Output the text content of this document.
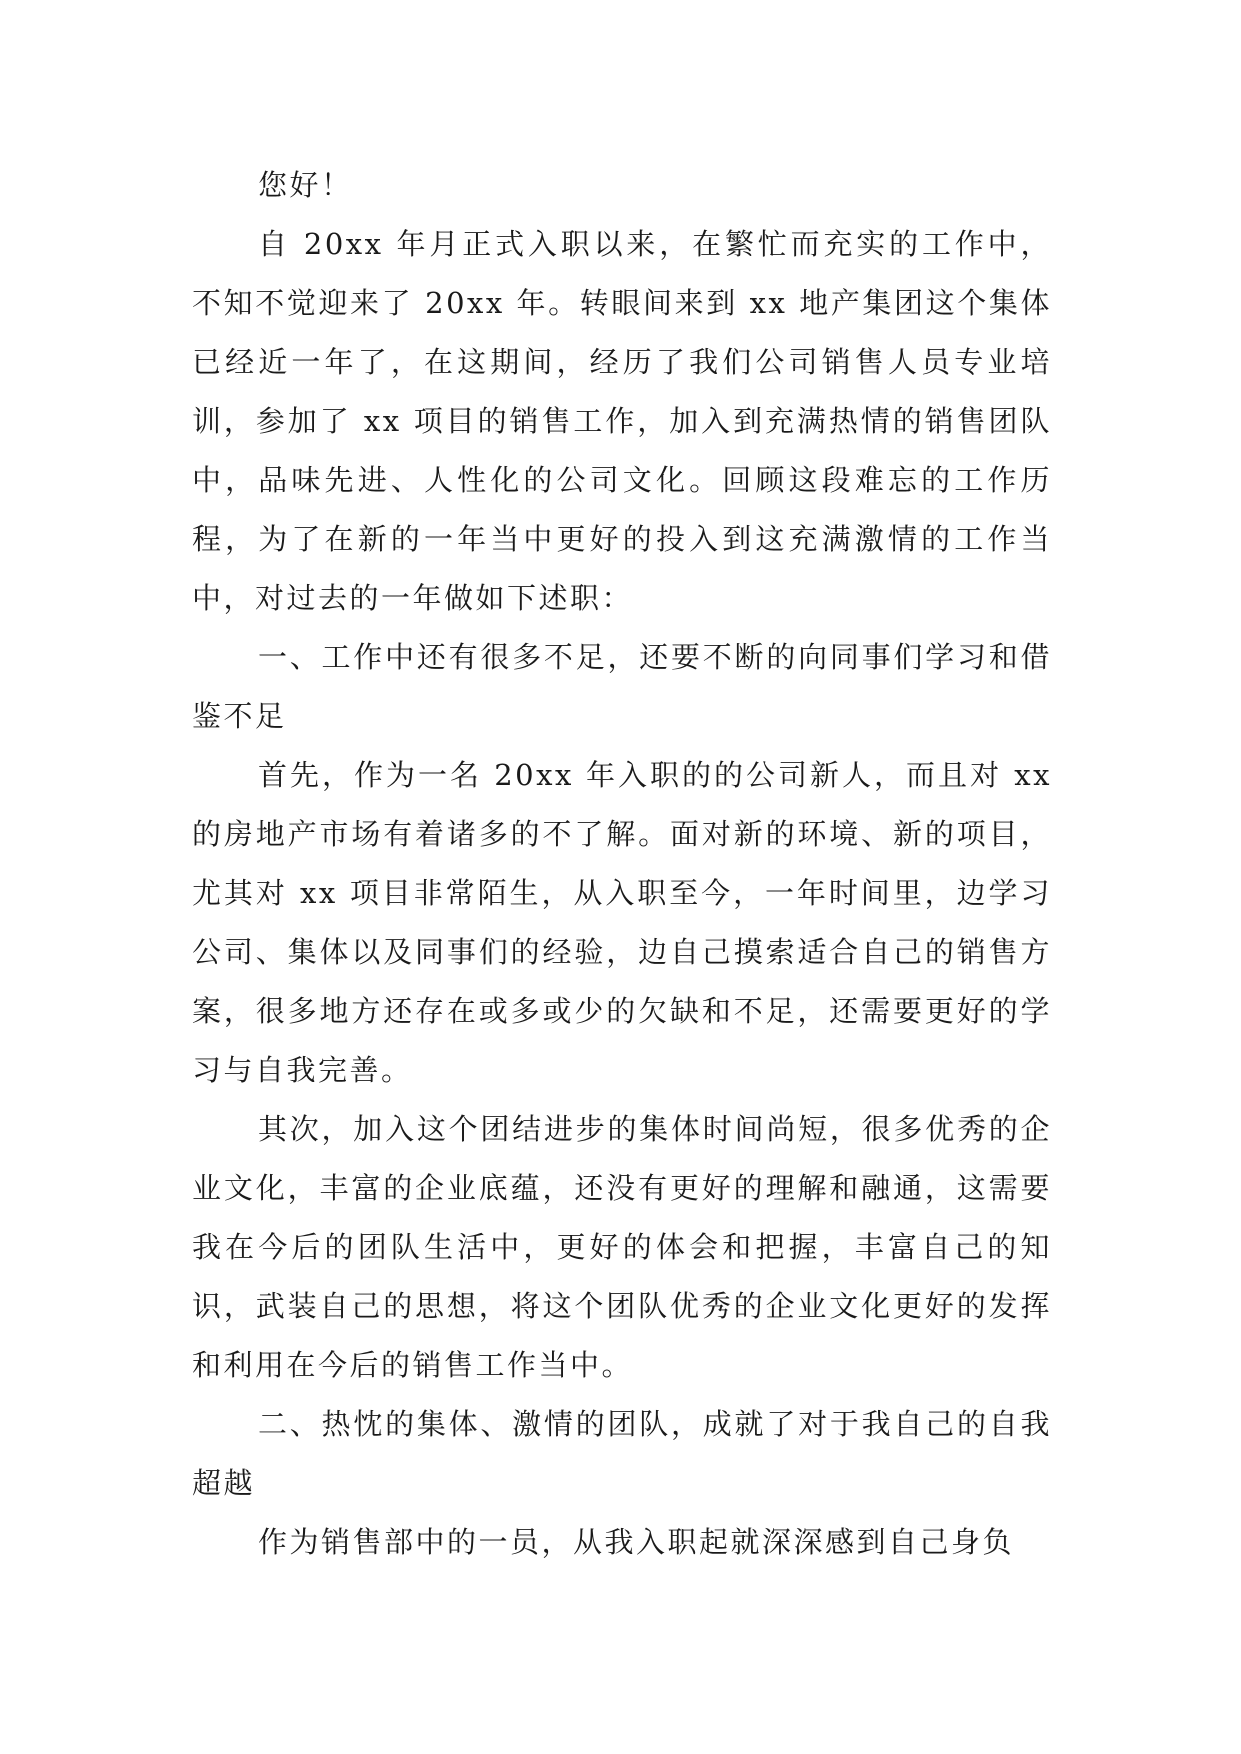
您好！

自 20xx 年月正式入职以来，在繁忙而充实的工作中，不知不觉迎来了 20xx 年。转眼间来到 xx 地产集团这个集体已经近一年了，在这期间，经历了我们公司销售人员专业培训，参加了 xx 项目的销售工作，加入到充满热情的销售团队中，品味先进、人性化的公司文化。回顾这段难忘的工作历程，为了在新的一年当中更好的投入到这充满激情的工作当中，对过去的一年做如下述职：

一、工作中还有很多不足，还要不断的向同事们学习和借鉴不足

首先，作为一名 20xx 年入职的的公司新人，而且对 xx 的房地产市场有着诸多的不了解。面对新的环境、新的项目，尤其对 xx 项目非常陌生，从入职至今，一年时间里，边学习公司、集体以及同事们的经验，边自己摸索适合自己的销售方案，很多地方还存在或多或少的欠缺和不足，还需要更好的学习与自我完善。

其次，加入这个团结进步的集体时间尚短，很多优秀的企业文化，丰富的企业底蕴，还没有更好的理解和融通，这需要我在今后的团队生活中，更好的体会和把握，丰富自己的知识，武装自己的思想，将这个团队优秀的企业文化更好的发挥和利用在今后的销售工作当中。

二、热忱的集体、激情的团队，成就了对于我自己的自我超越

作为销售部中的一员，从我入职起就深深感到自己身负
